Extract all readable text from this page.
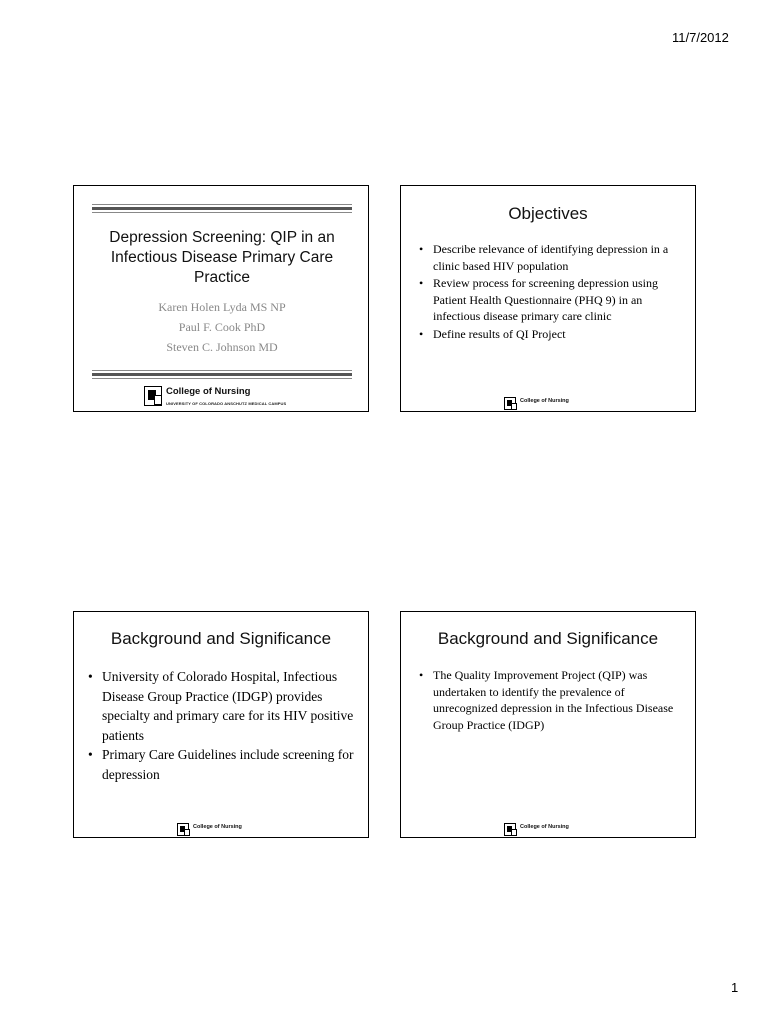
11/7/2012
Depression Screening: QIP in an Infectious Disease Primary Care Practice
Karen Holen Lyda MS NP
Paul F. Cook PhD
Steven C. Johnson MD
College of Nursing
UNIVERSITY OF COLORADO ANSCHUTZ MEDICAL CAMPUS
Objectives
• Describe relevance of identifying depression in a clinic based HIV population
• Review process for screening depression using Patient Health Questionnaire (PHQ 9) in an infectious disease primary care clinic
• Define results of QI Project
College of Nursing

Background and Significance
• University of Colorado Hospital, Infectious Disease Group Practice (IDGP) provides specialty and primary care for its HIV positive patients
• Primary Care Guidelines include screening for depression
College of Nursing

Background and Significance
• The Quality Improvement Project (QIP) was undertaken to identify the prevalence of unrecognized depression in the Infectious Disease Group Practice (IDGP)
College of Nursing

1
